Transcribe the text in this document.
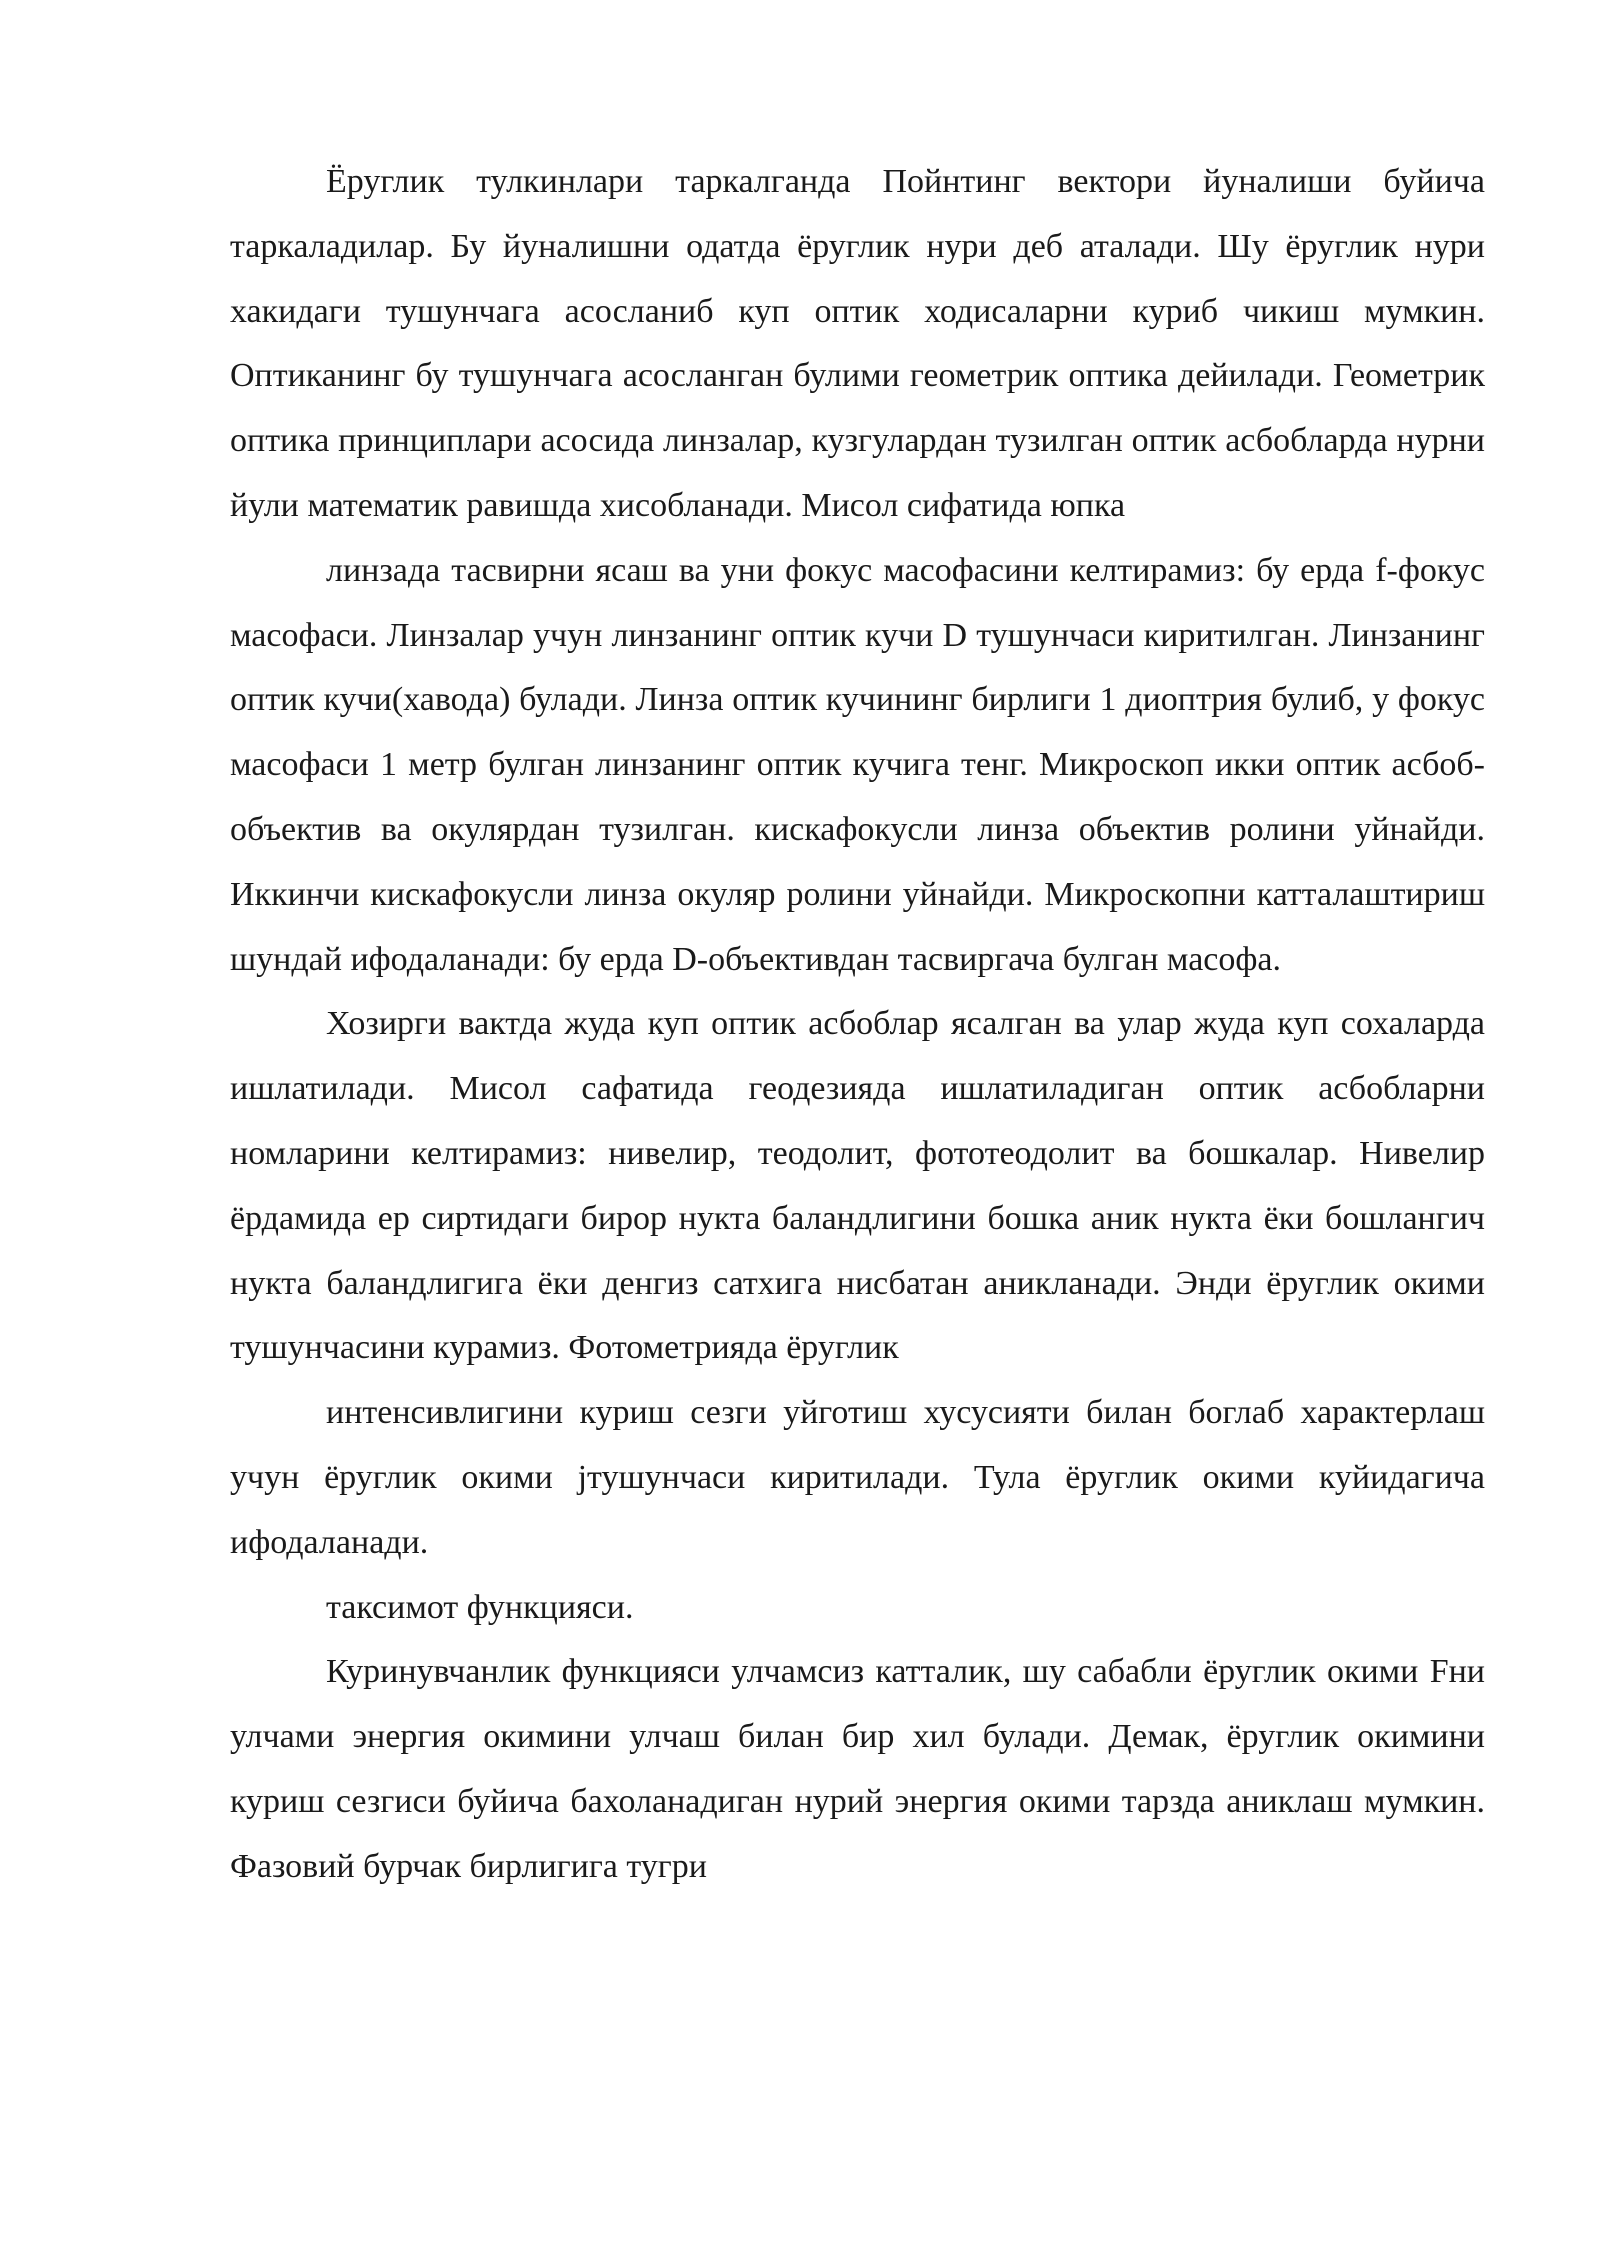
Ёруглик тулкинлари таркалганда Пойнтинг вектори йуналиши буйича таркаладилар. Бу йуналишни одатда ёруглик нури деб аталади. Шу ёруглик нури хакидаги тушунчага асосланиб куп оптик ходисаларни куриб чикиш мумкин. Оптиканинг бу тушунчага асосланган булими геометрик оптика дейилади. Геометрик оптика принциплари асосида линзалар, кузгулардан тузилган оптик асбобларда нурни йули математик равишда хисобланади. Мисол сифатида юпка

линзада тасвирни ясаш ва уни фокус масофасини келтирамиз: бу ерда f-фокус масофаси. Линзалар учун линзанинг оптик кучи D тушунчаси киритилган. Линзанинг оптик кучи(хавода) булади. Линза оптик кучининг бирлиги 1 диоптрия булиб, у фокус масофаси 1 метр булган линзанинг оптик кучига тенг. Микроскоп икки оптик асбоб-объектив ва окулярдан тузилган. кискафокусли линза объектив ролини уйнайди. Иккинчи кискафокусли линза окуляр ролини уйнайди. Микроскопни катталаштириш шундай ифодаланади: бу ерда D-объективдан тасвиргача булган масофа.

Хозирги вактда жуда куп оптик асбоблар ясалган ва улар жуда куп сохаларда ишлатилади. Мисол сафатида геодезияда ишлатиладиган оптик асбобларни номларини келтирамиз: нивелир, теодолит, фототеодолит ва бошкалар. Нивелир ёрдамида ер сиртидаги бирор нукта баландлигини бошка аник нукта ёки бошлангич нукта баландлигига ёки денгиз сатхига нисбатан аникланади. Энди ёруглик окими тушунчасини курамиз. Фотометрияда ёруглик

интенсивлигини куриш сезги уйготиш хусусияти билан боглаб характерлаш учун ёруглик окими јтушунчаси киритилади. Тула ёруглик окими куйидагича ифодаланади.

таксимот функцияси.

Куринувчанлик функцияси улчамсиз катталик, шу сабабли ёруглик окими Fни улчами энергия окимини улчаш билан бир хил булади. Демак, ёруглик окимини куриш сезгиси буйича бахоланадиган нурий энергия окими тарзда аниклаш мумкин. Фазовий бурчак бирлигига тугри
